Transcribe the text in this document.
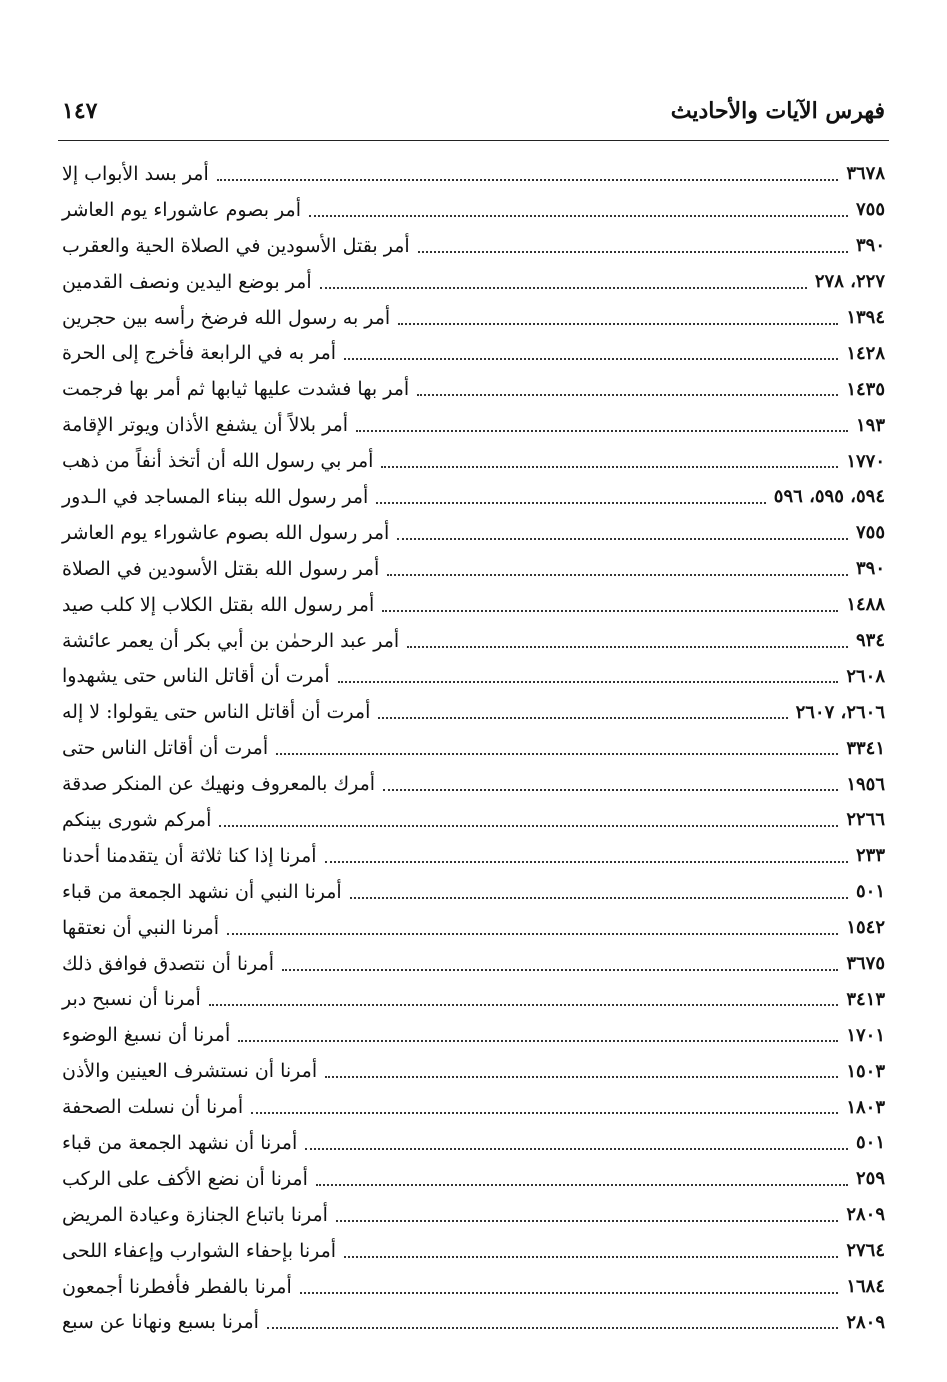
فهرس الآيات والأحاديث
١٤٧
أمر بسد الأبواب إلا	٣٦٧٨
أمر بصوم عاشوراء يوم العاشر	٧٥٥
أمر بقتل الأسودين في الصلاة الحية والعقرب	٣٩٠
أمر بوضع اليدين ونصف القدمين	٢٢٧، ٢٧٨
أمر به رسول الله فرضخ رأسه بين حجرين	١٣٩٤
أمر به في الرابعة فأخرج إلى الحرة	١٤٢٨
أمر بها فشدت عليها ثيابها ثم أمر بها فرجمت	١٤٣٥
أمر بلالاً أن يشفع الأذان ويوتر الإقامة	١٩٣
أمر بي رسول الله أن أتخذ أنفاً من ذهب	١٧٧٠
أمر رسول الله ببناء المساجد في الـدور	٥٩٤، ٥٩٥، ٥٩٦
أمر رسول الله بصوم عاشوراء يوم العاشر	٧٥٥
أمر رسول الله بقتل الأسودين في الصلاة	٣٩٠
أمر رسول الله بقتل الكلاب إلا كلب صيد	١٤٨٨
أمر عبد الرحمٰن بن أبي بكر أن يعمر عائشة	٩٣٤
أمرت أن أقاتل الناس حتى يشهدوا	٢٦٠٨
أمرت أن أقاتل الناس حتى يقولوا: لا إله	٢٦٠٦، ٢٦٠٧
أمرت أن أقاتل الناس حتى	٣٣٤١
أمرك بالمعروف ونهيك عن المنكر صدقة	١٩٥٦
أمركم شورى بينكم	٢٢٦٦
أمرنا إذا كنا ثلاثة أن يتقدمنا أحدنا	٢٣٣
أمرنا النبي أن نشهد الجمعة من قباء	٥٠١
أمرنا النبي أن نعتقها	١٥٤٢
أمرنا أن نتصدق فوافق ذلك	٣٦٧٥
أمرنا أن نسبح دبر	٣٤١٣
أمرنا أن نسبغ الوضوء	١٧٠١
أمرنا أن نستشرف العينين والأذن	١٥٠٣
أمرنا أن نسلت الصحفة	١٨٠٣
أمرنا أن نشهد الجمعة من قباء	٥٠١
أمرنا أن نضع الأكف على الركب	٢٥٩
أمرنا باتباع الجنازة وعيادة المريض	٢٨٠٩
أمرنا بإحفاء الشوارب وإعفاء اللحى	٢٧٦٤
أمرنا بالفطر فأفطرنا أجمعون	١٦٨٤
أمرنا بسبع ونهانا عن سبع	٢٨٠٩
